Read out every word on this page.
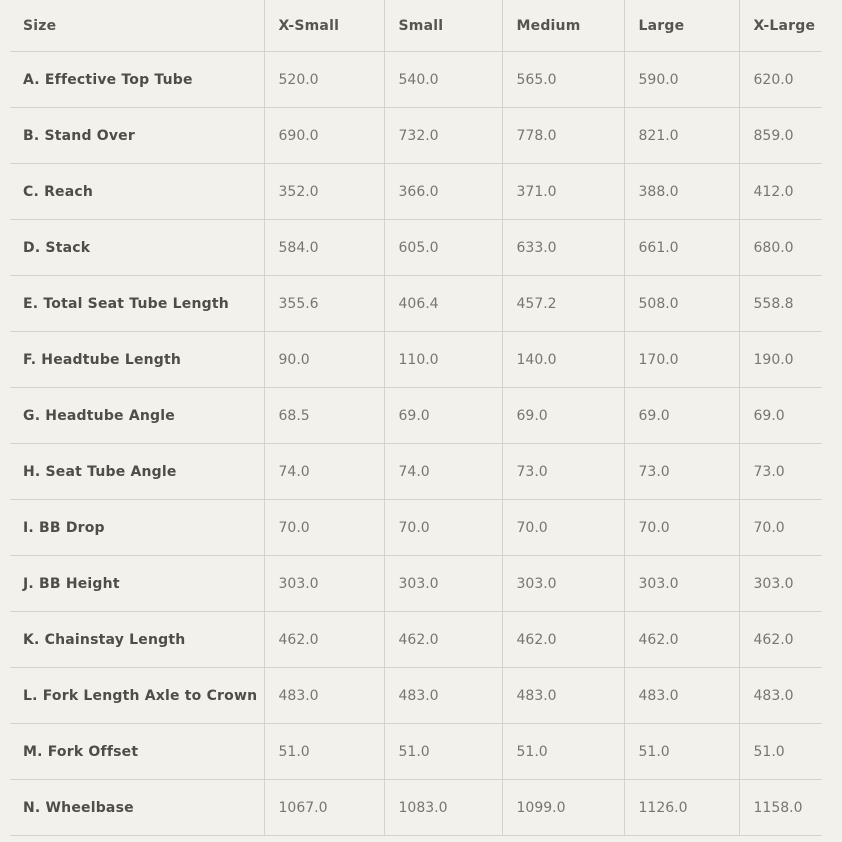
Size	X-Small	Small	Medium	Large	X-Large
A. Effective Top Tube	520.0	540.0	565.0	590.0	620.0
B. Stand Over	690.0	732.0	778.0	821.0	859.0
C. Reach	352.0	366.0	371.0	388.0	412.0
D. Stack	584.0	605.0	633.0	661.0	680.0
E. Total Seat Tube Length	355.6	406.4	457.2	508.0	558.8
F. Headtube Length	90.0	110.0	140.0	170.0	190.0
G. Headtube Angle	68.5	69.0	69.0	69.0	69.0
H. Seat Tube Angle	74.0	74.0	73.0	73.0	73.0
I. BB Drop	70.0	70.0	70.0	70.0	70.0
J. BB Height	303.0	303.0	303.0	303.0	303.0
K. Chainstay Length	462.0	462.0	462.0	462.0	462.0
L. Fork Length Axle to Crown	483.0	483.0	483.0	483.0	483.0
M. Fork Offset	51.0	51.0	51.0	51.0	51.0
N. Wheelbase	1067.0	1083.0	1099.0	1126.0	1158.0
